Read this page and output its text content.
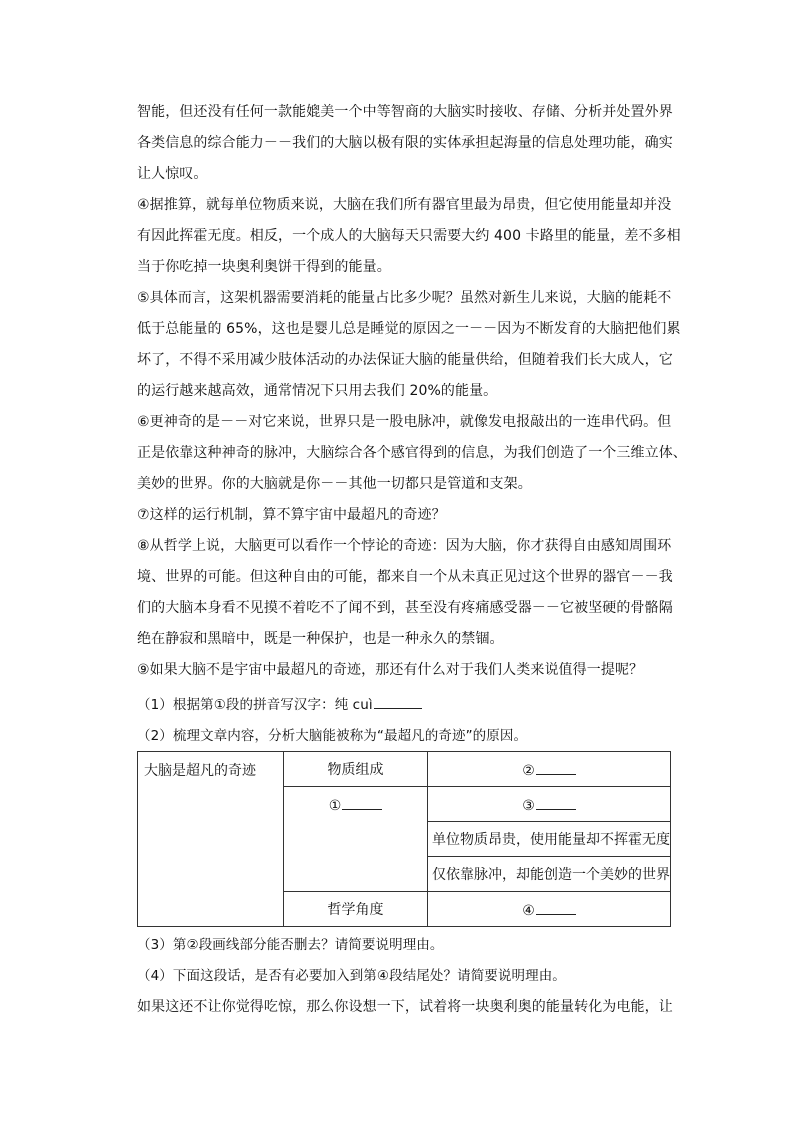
智能，但还没有任何一款能媲美一个中等智商的大脑实时接收、存储、分析并处置外界
各类信息的综合能力－－我们的大脑以极有限的实体承担起海量的信息处理功能，确实
让人惊叹。
④据推算，就每单位物质来说，大脑在我们所有器官里最为昂贵，但它使用能量却并没
有因此挥霍无度。相反，一个成人的大脑每天只需要大约 400 卡路里的能量，差不多相
当于你吃掉一块奥利奥饼干得到的能量。
⑤具体而言，这架机器需要消耗的能量占比多少呢？虽然对新生儿来说，大脑的能耗不
低于总能量的 65%，这也是婴儿总是睡觉的原因之一－－因为不断发育的大脑把他们累
坏了，不得不采用减少肢体活动的办法保证大脑的能量供给，但随着我们长大成人，它
的运行越来越高效，通常情况下只用去我们 20%的能量。
⑥更神奇的是－－对它来说，世界只是一股电脉冲，就像发电报敲出的一连串代码。但
正是依靠这种神奇的脉冲，大脑综合各个感官得到的信息，为我们创造了一个三维立体、
美妙的世界。你的大脑就是你－－其他一切都只是管道和支架。
⑦这样的运行机制，算不算宇宙中最超凡的奇迹？
⑧从哲学上说，大脑更可以看作一个悖论的奇迹：因为大脑，你才获得自由感知周围环
境、世界的可能。但这种自由的可能，都来自一个从未真正见过这个世界的器官－－我
们的大脑本身看不见摸不着吃不了闻不到，甚至没有疼痛感受器－－它被坚硬的骨骼隔
绝在静寂和黑暗中，既是一种保护，也是一种永久的禁锢。
⑨如果大脑不是宇宙中最超凡的奇迹，那还有什么对于我们人类来说值得一提呢？
（1）根据第①段的拼音写汉字：纯 cuì
（2）梳理文章内容，分析大脑能被称为“最超凡的奇迹”的原因。
大脑是超凡的奇迹	物质组成	②
	①	③
		单位物质昂贵，使用能量却不挥霍无度
		仅依靠脉冲，却能创造一个美妙的世界
	哲学角度	④
（3）第②段画线部分能否删去？请简要说明理由。
（4）下面这段话，是否有必要加入到第④段结尾处？请简要说明理由。
如果这还不让你觉得吃惊，那么你设想一下，试着将一块奥利奥的能量转化为电能，让
